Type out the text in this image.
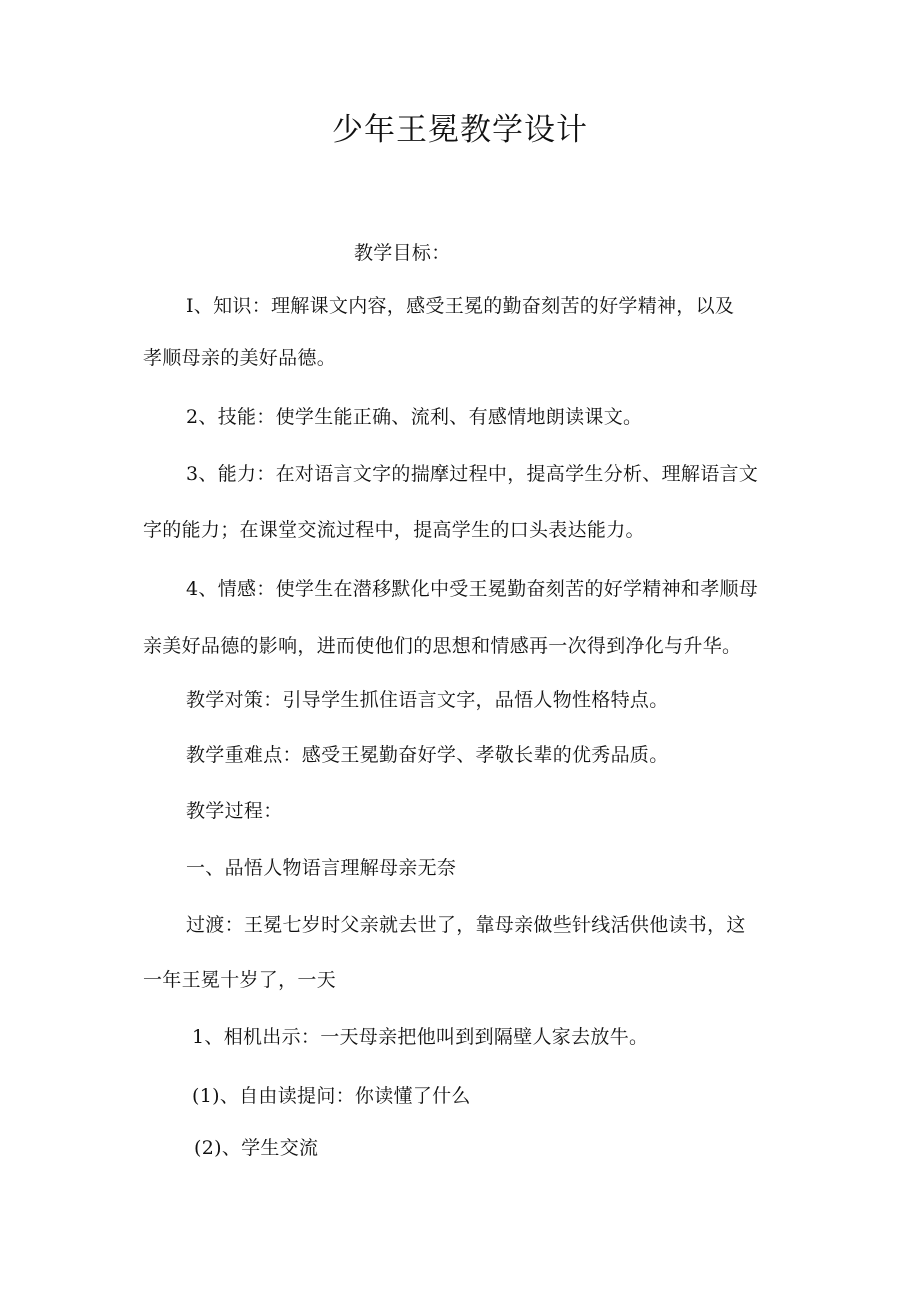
少年王冕教学设计
教学目标：
I、知识：理解课文内容，感受王冕的勤奋刻苦的好学精神，以及
孝顺母亲的美好品德。
2、技能：使学生能正确、流利、有感情地朗读课文。
3、能力：在对语言文字的揣摩过程中，提高学生分析、理解语言文
字的能力；在课堂交流过程中，提高学生的口头表达能力。
4、情感：使学生在潜移默化中受王冕勤奋刻苦的好学精神和孝顺母
亲美好品德的影响，进而使他们的思想和情感再一次得到净化与升华。
教学对策：引导学生抓住语言文字，品悟人物性格特点。
教学重难点：感受王冕勤奋好学、孝敬长辈的优秀品质。
教学过程：
一、品悟人物语言理解母亲无奈
过渡：王冕七岁时父亲就去世了，靠母亲做些针线活供他读书，这
一年王冕十岁了，一天
1、相机出示：一天母亲把他叫到到隔壁人家去放牛。
(1)、自由读提问：你读懂了什么
(2)、学生交流
